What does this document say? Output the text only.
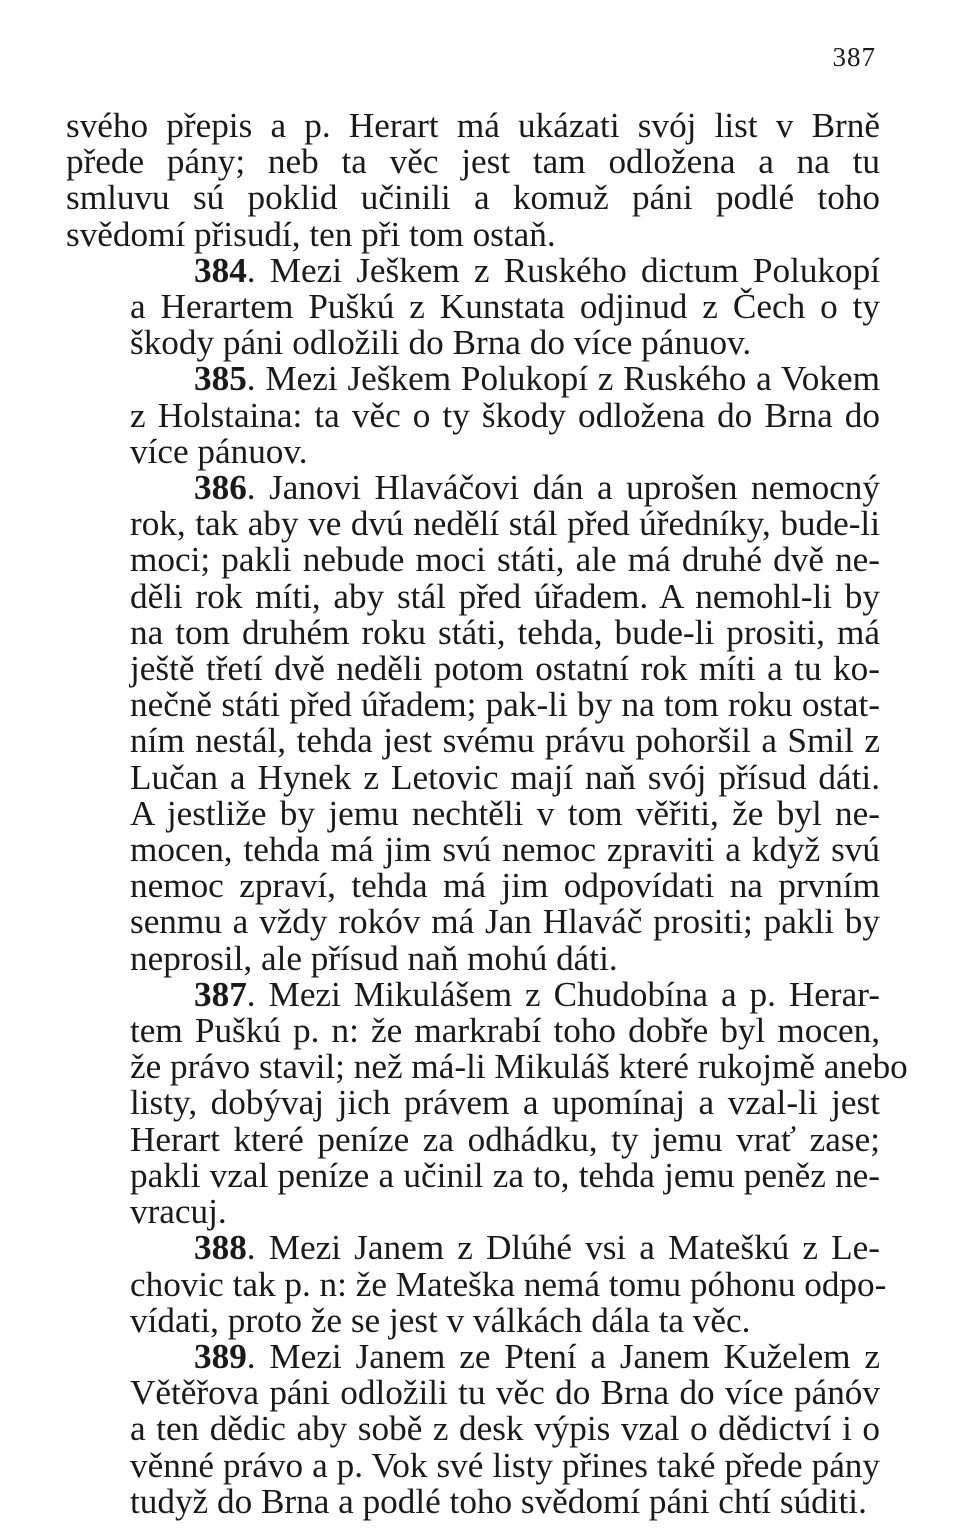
387
svého přepis a p. Herart má ukázati svój list v Brně
přede pány; neb ta věc jest tam odložena a na tu
smluvu sú poklid učinili a komuž páni podlé toho
svědomí přisudí, ten při tom ostaň.
384. Mezi Ješkem z Ruského dictum Polukopí
a Herartem Puškú z Kunstata odjinud z Čech o ty
škody páni odložili do Brna do více pánuov.
385. Mezi Ješkem Polukopí z Ruského a Vokem
z Holstaina: ta věc o ty škody odložena do Brna do
více pánuov.
386. Janovi Hlaváčovi dán a uprošen nemocný
rok, tak aby ve dvú nedělí stál před úředníky, bude-li
moci; pakli nebude moci státi, ale má druhé dvě ne-
děli rok míti, aby stál před úřadem. A nemohl-li by
na tom druhém roku státi, tehda, bude-li prositi, má
ještě třetí dvě neděli potom ostatní rok míti a tu ko-
nečně státi před úřadem; pak-li by na tom roku ostat-
ním nestál, tehda jest svému právu pohoršil a Smil z
Lučan a Hynek z Letovic mají naň svój přísud dáti.
A jestliže by jemu nechtěli v tom věřiti, že byl ne-
mocen, tehda má jim svú nemoc zpraviti a když svú
nemoc zpraví, tehda má jim odpovídati na prvním
senmu a vždy rokóv má Jan Hlaváč prositi; pakli by
neprosil, ale přísud naň mohú dáti.
387. Mezi Mikulášem z Chudobína a p. Herar-
tem Puškú p. n: že markrabí toho dobře byl mocen,
že právo stavil; než má-li Mikuláš které rukojmě anebo
listy, dobývaj jich právem a upomínaj a vzal-li jest
Herart které peníze za odhádku, ty jemu vrať zase;
pakli vzal peníze a učinil za to, tehda jemu peněz ne-
vracuj.
388. Mezi Janem z Dlúhé vsi a Mateškú z Le-
chovic tak p. n: že Mateška nemá tomu póhonu odpo-
vídati, proto že se jest v válkách dála ta věc.
389. Mezi Janem ze Ptení a Janem Kuželem z
Větěřova páni odložili tu věc do Brna do více pánóv
a ten dědic aby sobě z desk výpis vzal o dědictví i o
věnné právo a p. Vok své listy přines také přede pány
tudyž do Brna a podlé toho svědomí páni chtí súditi.
